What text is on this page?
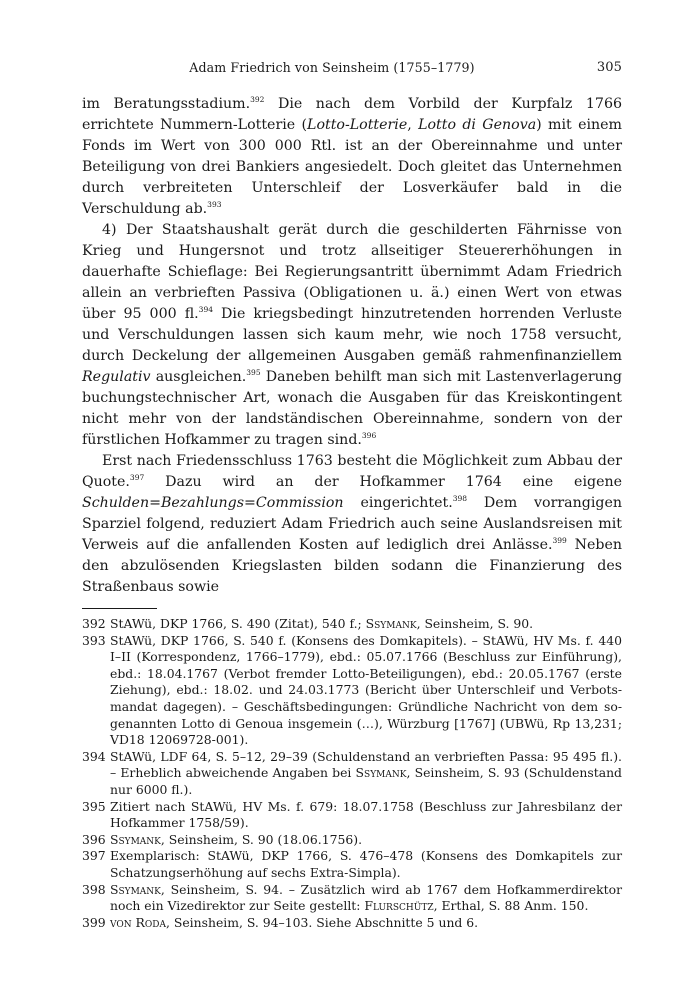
Adam Friedrich von Seinsheim (1755–1779)	305

im Beratungsstadium.$^{392}$ Die nach dem Vorbild der Kurpfalz 1766 errichtete Nummern-Lotterie (Lotto-Lotterie, Lotto di Genova) mit einem Fonds im Wert von 300 000 Rtl. ist an der Obereinnahme und unter Beteiligung von drei Bankiers angesiedelt. Doch gleitet das Unternehmen durch verbreiteten Unterschleif der Losverkäufer bald in die Verschuldung ab.$^{393}$

4) Der Staatshaushalt gerät durch die geschilderten Fährnisse von Krieg und Hungersnot und trotz allseitiger Steuererhöhungen in dauerhafte Schieflage: Bei Regierungsantritt übernimmt Adam Friedrich allein an verbrieften Passiva (Obligationen u. ä.) einen Wert von etwas über 95 000 fl.$^{394}$ Die kriegsbedingt hinzutretenden horrenden Verluste und Verschuldungen lassen sich kaum mehr, wie noch 1758 versucht, durch Deckelung der allgemeinen Ausgaben gemäß rahmenfinanziellem Regulativ ausgleichen.$^{395}$ Daneben behilft man sich mit Lastenverlagerung buchungstechnischer Art, wonach die Ausgaben für das Kreiskontingent nicht mehr von der landständischen Obereinnahme, sondern von der fürstlichen Hofkammer zu tragen sind.$^{396}$

Erst nach Friedensschluss 1763 besteht die Möglichkeit zum Abbau der Quote.$^{397}$ Dazu wird an der Hofkammer 1764 eine eigene Schulden=Bezahlungs=Commission eingerichtet.$^{398}$ Dem vorrangigen Sparziel folgend, reduziert Adam Friedrich auch seine Auslandsreisen mit Verweis auf die anfallenden Kosten auf lediglich drei Anlässe.$^{399}$ Neben den abzulösenden Kriegslasten bilden sodann die Finanzierung des Straßenbaus sowie

392 StAWü, DKP 1766, S. 490 (Zitat), 540 f.; Ssymank, Seinsheim, S. 90.
393 StAWü, DKP 1766, S. 540 f. (Konsens des Domkapitels). – StAWü, HV Ms. f. 440 I–II (Korrespondenz, 1766–1779), ebd.: 05.07.1766 (Beschluss zur Einführung), ebd.: 18.04.1767 (Verbot fremder Lotto-Beteiligungen), ebd.: 20.05.1767 (erste Ziehung), ebd.: 18.02. und 24.03.1773 (Bericht über Unterschleif und Verbotsmandat dagegen). – Geschäftsbedingungen: Gründliche Nachricht von dem sogenannten Lotto di Genoua insgemein (…), Würzburg [1767] (UBWü, Rp 13,231; VD18 12069728-001).
394 StAWü, LDF 64, S. 5–12, 29–39 (Schuldenstand an verbrieften Passa: 95 495 fl.). – Erheblich abweichende Angaben bei Ssymank, Seinsheim, S. 93 (Schuldenstand nur 6000 fl.).
395 Zitiert nach StAWü, HV Ms. f. 679: 18.07.1758 (Beschluss zur Jahresbilanz der Hofkammer 1758/59).
396 Ssymank, Seinsheim, S. 90 (18.06.1756).
397 Exemplarisch: StAWü, DKP 1766, S. 476–478 (Konsens des Domkapitels zur Schatzungserhöhung auf sechs Extra-Simpla).
398 Ssymank, Seinsheim, S. 94. – Zusätzlich wird ab 1767 dem Hofkammerdirektor noch ein Vizedirektor zur Seite gestellt: Flurschütz, Erthal, S. 88 Anm. 150.
399 von Roda, Seinsheim, S. 94–103. Siehe Abschnitte 5 und 6.
